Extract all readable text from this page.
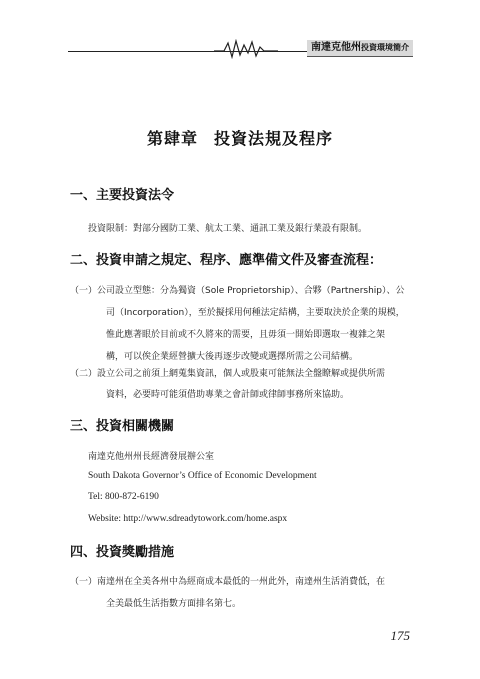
南達克他州投資環境簡介
第肆章 投資法規及程序
一、主要投資法令
投資限制：對部分國防工業、航太工業、通訊工業及銀行業設有限制。
二、投資申請之規定、程序、應準備文件及審查流程：
（一）公司設立型態：分為獨資（Sole Proprietorship）、合夥（Partnership）、公
司（Incorporation），至於擬採用何種法定結構，主要取決於企業的規模，
惟此應著眼於目前或不久將來的需要，且毋須一開始即選取一複雜之架
構，可以俟企業經營擴大後再逐步改變或選擇所需之公司結構。
（二）設立公司之前須上網蒐集資訊，個人或股東可能無法全盤瞭解或提供所需
資料，必要時可能須借助專業之會計師或律師事務所來協助。
三、投資相關機關
南達克他州州長經濟發展辦公室
South Dakota Governor’s Office of Economic Development
Tel: 800-872-6190
Website: http://www.sdreadytowork.com/home.aspx
四、投資獎勵措施
（一）南達州在全美各州中為經商成本最低的一州此外，南達州生活消費低，在
全美最低生活指數方面排名第七。
175
